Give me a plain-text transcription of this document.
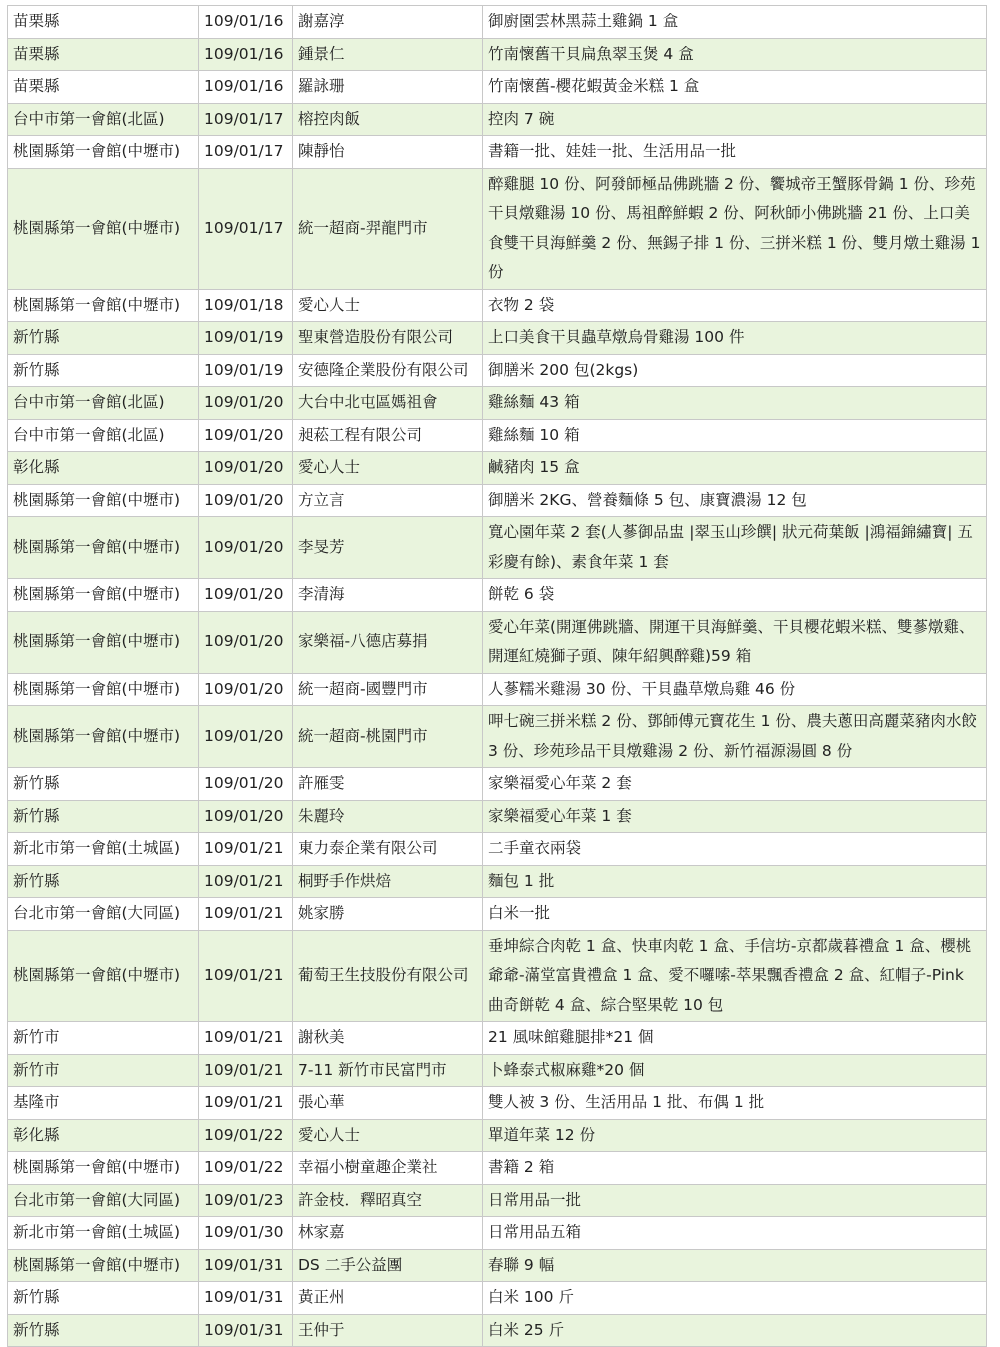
苗栗縣	109/01/16	謝嘉淳	御廚園雲林黑蒜土雞鍋 1 盒
苗栗縣	109/01/16	鍾景仁	竹南懷舊干貝扁魚翠玉煲 4 盒
苗栗縣	109/01/16	羅詠珊	竹南懷舊-櫻花蝦黃金米糕 1 盒
台中市第一會館(北區)	109/01/17	榕控肉飯	控肉 7 碗
桃園縣第一會館(中壢市)	109/01/17	陳靜怡	書籍一批、娃娃一批、生活用品一批
桃園縣第一會館(中壢市)	109/01/17	統一超商-羿龍門市	醉雞腿 10 份、阿發師極品佛跳牆 2 份、饗城帝王蟹豚骨鍋 1 份、珍苑干貝燉雞湯 10 份、馬祖醉鮮蝦 2 份、阿秋師小佛跳牆 21 份、上口美食雙干貝海鮮羹 2 份、無錫子排 1 份、三拼米糕 1 份、雙月燉土雞湯 1 份
桃園縣第一會館(中壢市)	109/01/18	愛心人士	衣物 2 袋
新竹縣	109/01/19	聖東營造股份有限公司	上口美食干貝蟲草燉烏骨雞湯 100 件
新竹縣	109/01/19	安德隆企業股份有限公司	御膳米 200 包(2kgs)
台中市第一會館(北區)	109/01/20	大台中北屯區媽祖會	雞絲麵 43 箱
台中市第一會館(北區)	109/01/20	昶菘工程有限公司	雞絲麵 10 箱
彰化縣	109/01/20	愛心人士	鹹豬肉 15 盒
桃園縣第一會館(中壢市)	109/01/20	方立言	御膳米 2KG、營養麵條 5 包、康寶濃湯 12 包
桃園縣第一會館(中壢市)	109/01/20	李旻芳	寬心園年菜 2 套(人蔘御品盅 |翠玉山珍饌| 狀元荷葉飯 |鴻福錦繡寶| 五彩慶有餘)、素食年菜 1 套
桃園縣第一會館(中壢市)	109/01/20	李清海	餅乾 6 袋
桃園縣第一會館(中壢市)	109/01/20	家樂福-八德店募捐	愛心年菜(開運佛跳牆、開運干貝海鮮羹、干貝櫻花蝦米糕、雙蔘燉雞、開運紅燒獅子頭、陳年紹興醉雞)59 箱
桃園縣第一會館(中壢市)	109/01/20	統一超商-國豐門市	人蔘糯米雞湯 30 份、干貝蟲草燉烏雞 46 份
桃園縣第一會館(中壢市)	109/01/20	統一超商-桃園門市	呷七碗三拼米糕 2 份、鄧師傅元寶花生 1 份、農夫蔥田高麗菜豬肉水餃 3 份、珍苑珍品干貝燉雞湯 2 份、新竹福源湯圓 8 份
新竹縣	109/01/20	許雁雯	家樂福愛心年菜 2 套
新竹縣	109/01/20	朱麗玲	家樂福愛心年菜 1 套
新北市第一會館(土城區)	109/01/21	東力泰企業有限公司	二手童衣兩袋
新竹縣	109/01/21	桐野手作烘焙	麵包 1 批
台北市第一會館(大同區)	109/01/21	姚家勝	白米一批
桃園縣第一會館(中壢市)	109/01/21	葡萄王生技股份有限公司	垂坤綜合肉乾 1 盒、快車肉乾 1 盒、手信坊-京都歲暮禮盒 1 盒、櫻桃爺爺-滿堂富貴禮盒 1 盒、愛不囉嗦-萃果飄香禮盒 2 盒、紅帽子-Pink 曲奇餅乾 4 盒、綜合堅果乾 10 包
新竹市	109/01/21	謝秋美	21 風味館雞腿排*21 個
新竹市	109/01/21	7-11 新竹市民富門市	卜蜂泰式椒麻雞*20 個
基隆市	109/01/21	張心華	雙人被 3 份、生活用品 1 批、布偶 1 批
彰化縣	109/01/22	愛心人士	單道年菜 12 份
桃園縣第一會館(中壢市)	109/01/22	幸福小樹童趣企業社	書籍 2 箱
台北市第一會館(大同區)	109/01/23	許金枝．釋昭真空	日常用品一批
新北市第一會館(土城區)	109/01/30	林家嘉	日常用品五箱
桃園縣第一會館(中壢市)	109/01/31	DS 二手公益團	春聯 9 幅
新竹縣	109/01/31	黃正州	白米 100 斤
新竹縣	109/01/31	王仲于	白米 25 斤
